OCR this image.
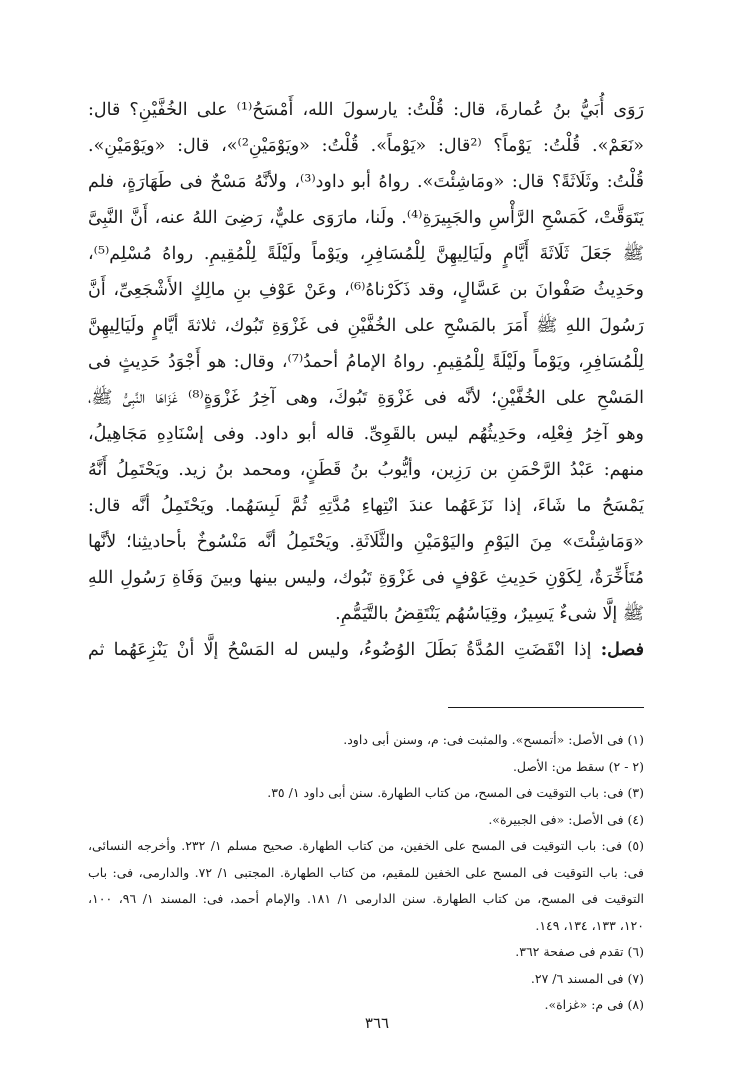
رَوَى أُبَيُّ بنُ عُمارةَ، قال: قُلْتُ: يارسولَ الله، أَمْسَحُ⁽¹⁾ على الخُفَّيْنِ؟ قال:
«نَعَمْ». قُلْتُ: يَوْماً؟ ⁽²قال: «يَوْماً». قُلْتُ: «ويَوْمَيْنِ²⁾»، قال: «ويَوْمَيْنِ».
قُلْتُ: وثَلَاثَةً؟ قال: «ومَاشِئْتَ». رواهُ أبو داود⁽³⁾، ولأنَّهُ مَسْحٌ فى طَهَارَةٍ، فلم
يَتَوَقَّتْ، كَمَسْحِ الرَّأْسِ والجَبِيرَةِ⁽⁴⁾. ولَنا، مارَوَى عليٌّ، رَضِىَ اللهُ عنه، أَنَّ النَّبِىَّ
ﷺ جَعَلَ ثَلَاثَةَ أَيَّامٍ ولَيَالِيهِنَّ لِلْمُسَافِرِ، ويَوْماً ولَيْلَةً لِلْمُقِيمِ. رواهُ مُسْلِم⁽⁵⁾،
وحَدِيثُ صَفْوانَ بن عَسَّالٍ، وقد ذَكَرْناهُ⁽⁶⁾، وعَنْ عَوْفِ بنِ مالِكٍ الأَشْجَعِىِّ، أَنَّ
رَسُولَ اللهِ ﷺ أَمَرَ بالمَسْحِ على الخُفَّيْنِ فى غَزْوَةِ تَبُوك، ثلاثةَ أيَّامٍ ولَيَالِيهِنَّ
لِلْمُسَافِرِ، ويَوْماً ولَيْلَةً لِلْمُقِيمِ. رواهُ الإمامُ أحمدُ⁽⁷⁾، وقال: هو أَجْوَدُ حَدِيثٍ فى
المَسْحِ على الخُفَّيْنِ؛ لأنَّه فى غَزْوَةِ تَبُوكَ، وهى آخِرُ غَزْوَةٍ⁽⁸⁾ غَزَاهَا النَّبِىُّ ﷺ،
وهو آخِرُ فِعْلِه، وحَدِيثُهُم ليس بالقَوِىِّ. قاله أبو داود. وفى إسْنَادِهِ مَجَاهِيلُ،
منهم: عَبْدُ الرَّحْمَنِ بن رَزِين، وأيُّوبُ بنُ قَطَنٍ، ومحمد بنُ زيد. ويَحْتَمِلُ أَنَّهُ
يَمْسَحُ ما شَاءَ، إذا نَزَعَهُما عندَ انْتِهاءِ مُدَّتِهِ ثُمَّ لَبِسَهُما. ويَحْتَمِلُ أنَّه قال:
«وَمَاشِئْتَ» مِنَ اليَوْمِ واليَوْمَيْنِ والثَّلَاثَةِ. ويَحْتَمِلُ أنَّه مَنْسُوخٌ بأحاديثِنا؛ لأنَّها
مُتَأَخِّرَةٌ، لِكَوْنِ حَدِيثِ عَوْفٍ فى غَزْوَةِ تَبُوك، وليس بينها وبينَ وَفَاةِ رَسُولِ اللهِ
ﷺ إلَّا شىءٌ يَسِيرٌ، وقِيَاسُهُم يَنْتَقِضُ بالتَّيَمُّمِ.
فصل: إذا انْقَضَتِ المُدَّةُ بَطَلَ الوُضُوءُ، وليس له المَسْحُ إلَّا أنْ يَنْزِعَهُما ثم
(١) فى الأصل: «أتمسح». والمثبت فى: م، وسنن أبى داود.
(٢ - ٢) سقط من: الأصل.
(٣) فى: باب التوقيت فى المسح، من كتاب الطهارة. سنن أبى داود ١/ ٣٥.
(٤) فى الأصل: «فى الجبيرة».
(٥) فى: باب التوقيت فى المسح على الخفين، من كتاب الطهارة. صحيح مسلم ١/ ٢٣٢. وأخرجه النسائى،
فى: باب التوقيت فى المسح على الخفين للمقيم، من كتاب الطهارة. المجتبى ١/ ٧٢. والدارمى، فى: باب
التوقيت فى المسح، من كتاب الطهارة. سنن الدارمى ١/ ١٨١. والإمام أحمد، فى: المسند ١/ ٩٦، ١٠٠،
١٢٠، ١٣٣، ١٣٤، ١٤٩.
(٦) تقدم فى صفحة ٣٦٢.
(٧) فى المسند ٦/ ٢٧.
(٨) فى م: «غزاة».
٣٦٦
